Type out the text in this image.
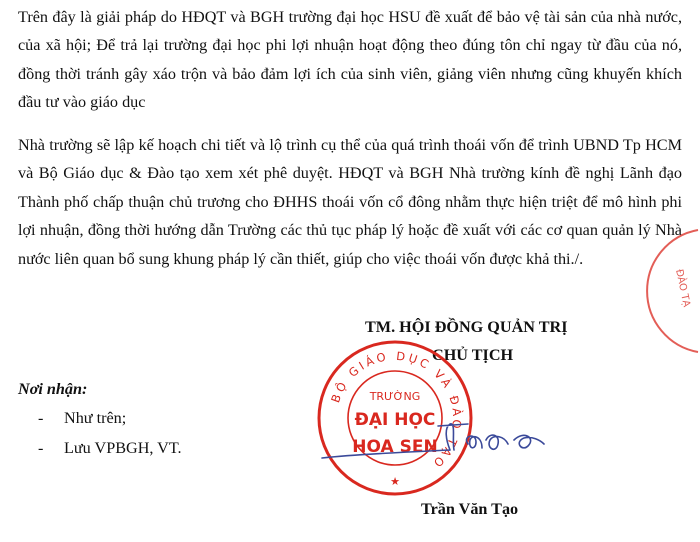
Trên đây là giải pháp do HĐQT và BGH trường đại học HSU đề xuất để bảo vệ tài sản của nhà nước, của xã hội; Để trả lại trường đại học phi lợi nhuận hoạt động theo đúng tôn chỉ ngay từ đầu của nó, đồng thời tránh gây xáo trộn và bảo đảm lợi ích của sinh viên, giảng viên nhưng cũng khuyến khích đầu tư vào giáo dục
Nhà trường sẽ lập kế hoạch chi tiết và lộ trình cụ thể của quá trình thoái vốn để trình UBND Tp HCM và Bộ Giáo dục & Đào tạo xem xét phê duyệt. HĐQT và BGH Nhà trường kính đề nghị Lãnh đạo Thành phố chấp thuận chủ trương cho ĐHHS thoái vốn cổ đông nhằm thực hiện triệt để mô hình phi lợi nhuận, đồng thời hướng dẫn Trường các thủ tục pháp lý hoặc đề xuất với các cơ quan quản lý Nhà nước liên quan bổ sung khung pháp lý cần thiết, giúp cho việc thoái vốn được khả thi./.
TM. HỘI ĐỒNG QUẢN TRỊ
CHỦ TỊCH
Nơi nhận:
- Như trên;
- Lưu VPBGH, VT.
BỘ GIÁO DỤC VÀ ĐÀO TẠO
TRƯỜNG
ĐẠI HỌC
HOA SEN
★
ĐÀO TẠ
Trần Văn Tạo
